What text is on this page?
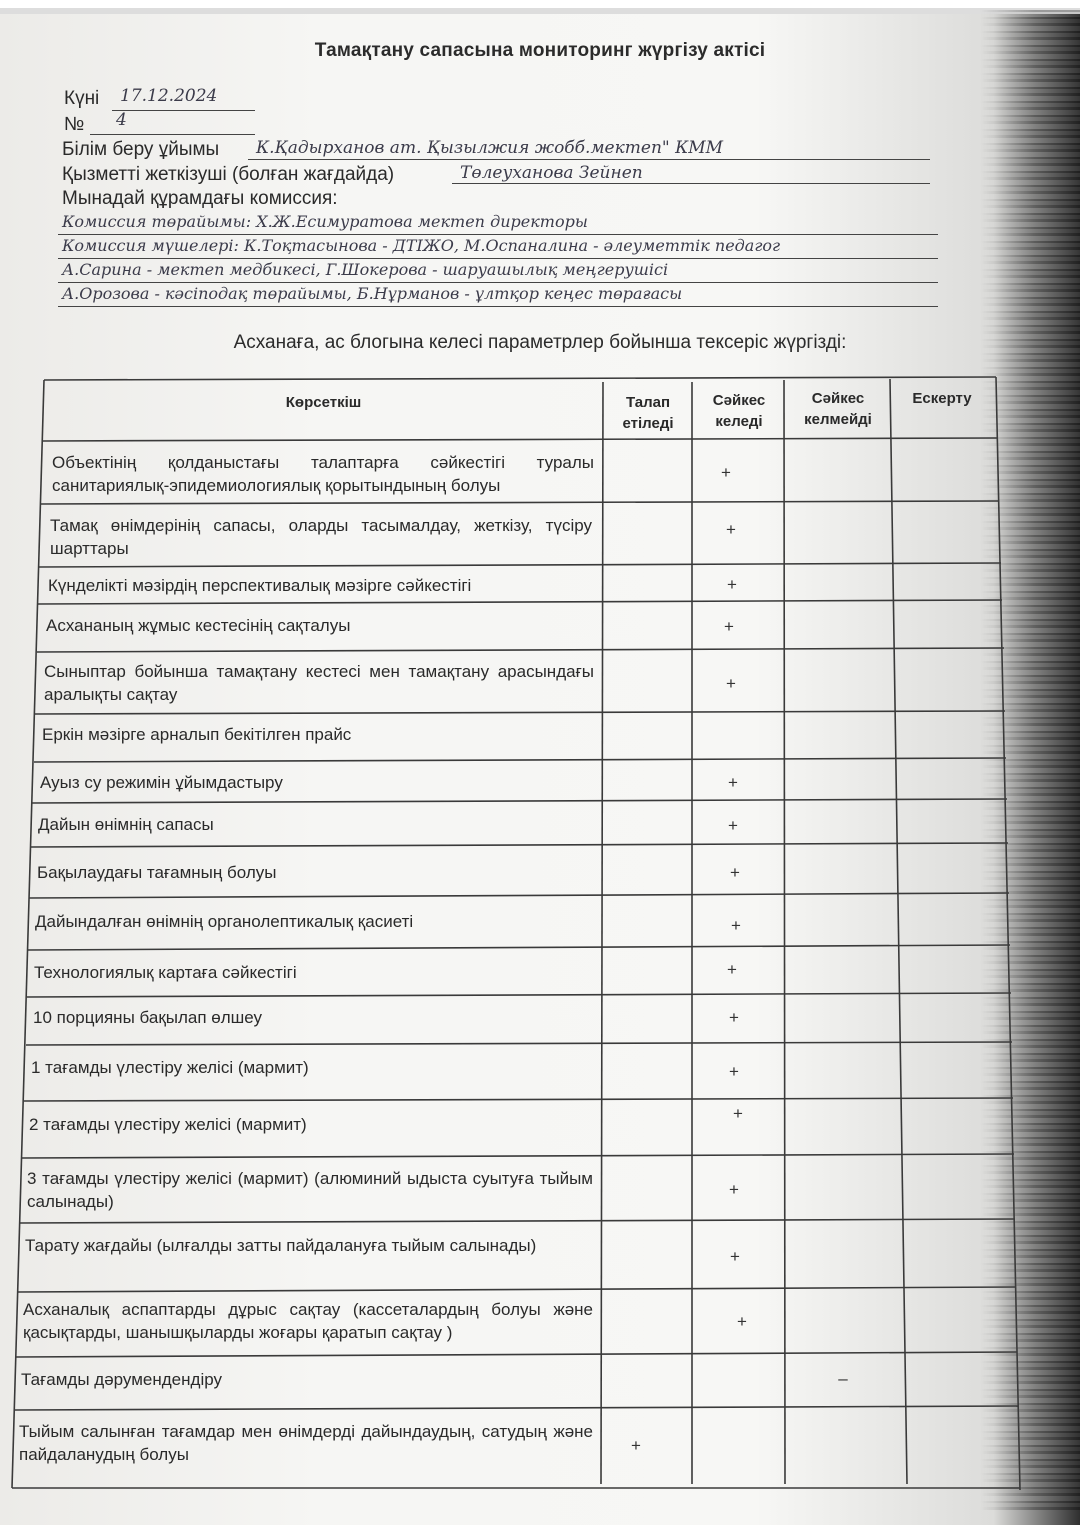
Тамақтану сапасына мониторинг жүргізу актісі
Күні 17.12.2024
№ 4
Білім беру ұйымы К.Қадырханов ат. Қызылжия жобб.мектеп" КММ
Қызметті жеткізуші (болған жағдайда)	Төлеуханова Зейнеп
Мынадай құрамдағы комиссия:
Комиссия төрайымы: Х.Ж.Есимуратова мектеп директоры
Комиссия мүшелері: К.Тоқтасынова - ДТІЖО, М.Оспаналина - әлеуметтік педагог
А.Сарина - мектеп медбикесі, Г.Шокерова - шаруашылық меңгерушісі
А.Орозова - кәсіподақ төрайымы, Б.Нұрманов - ұлтқор кеңес төрағасы
Асханаға, ас блогына келесі параметрлер бойынша тексеріс жүргізді:
Көрсеткіш	Талап етіледі
Сәйкес келеді
Сәйкес келмейді
Ескерту
Объектінің қолданыстағы талаптарға сәйкестігі туралы санитариялық-эпидемиологиялық қорытындының болуы
Тамақ өнімдерінің сапасы, оларды тасымалдау, жеткізу, түсіру шарттары
Күнделікті мәзірдің перспективалық мәзірге сәйкестігі
Асхананың жұмыс кестесінің сақталуы
Сыныптар бойынша тамақтану кестесі мен тамақтану арасындағы аралықты сақтау
Еркін мәзірге арналып бекітілген прайс
Ауыз су режимін ұйымдастыру
Дайын өнімнің сапасы
Бақылаудағы тағамның болуы
Дайындалған өнімнің органолептикалық қасиеті
Технологиялық картаға сәйкестігі
10 порцияны бақылап өлшеу
1 тағамды үлестіру желісі (мармит)
2 тағамды үлестіру желісі (мармит)
3 тағамды үлестіру желісі (мармит) (алюминий ыдыста суытуға тыйым салынады)
Тарату жағдайы (ылғалды затты пайдалануға тыйым салынады)
Асханалық аспаптарды дұрыс сақтау (кассеталардың болуы және қасықтарды, шанышқыларды жоғары қаратып сақтау )
Тағамды дәрумендендіру
Тыйым салынған тағамдар мен өнімдерді дайындаудың, сатудың және пайдаланудың болуы
+
+
+
+
+
+
+
+
+
+
+
+
+
+
+
+
–
+
